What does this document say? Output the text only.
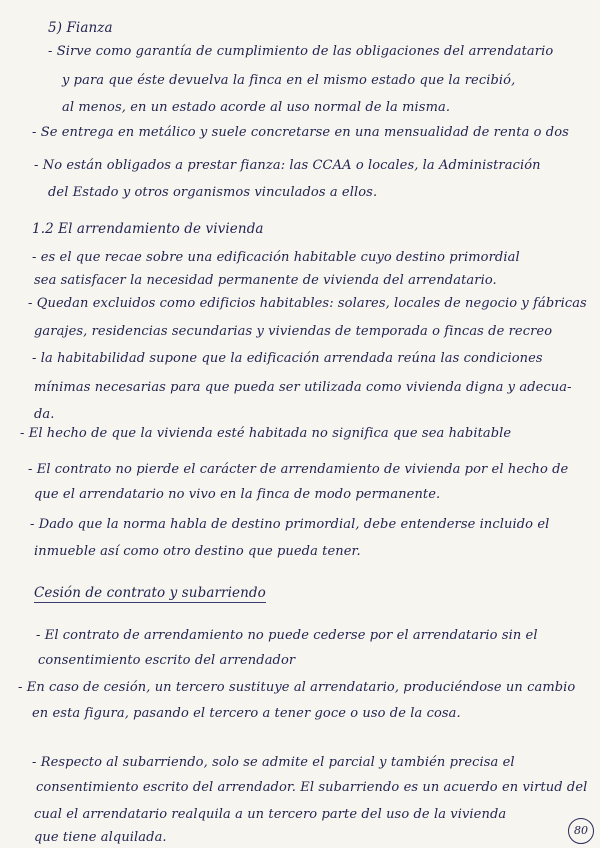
5) Fianza
- Sirve como garantía de cumplimiento de las obligaciones del arrendatario
y para que éste devuelva la finca en el mismo estado que la recibió,
al menos, en un estado acorde al uso normal de la misma.
- Se entrega en metálico y suele concretarse en una mensualidad de renta o dos
- No están obligados a prestar fianza: las CCAA o locales, la Administración
del Estado y otros organismos vinculados a ellos.
1.2 El arrendamiento de vivienda
- es el que recae sobre una edificación habitable cuyo destino primordial
sea satisfacer la necesidad permanente de vivienda del arrendatario.
- Quedan excluidos como edificios habitables: solares, locales de negocio y fábricas
garajes, residencias secundarias y viviendas de temporada o fincas de recreo
- la habitabilidad supone que la edificación arrendada reúna las condiciones
mínimas necesarias para que pueda ser utilizada como vivienda digna y adecua-
da.
- El hecho de que la vivienda esté habitada no significa que sea habitable
- El contrato no pierde el carácter de arrendamiento de vivienda por el hecho de
que el arrendatario no vivo en la finca de modo permanente.
- Dado que la norma habla de destino primordial, debe entenderse incluido el
inmueble así como otro destino que pueda tener.
Cesión de contrato y subarriendo
- El contrato de arrendamiento no puede cederse por el arrendatario sin el
consentimiento escrito del arrendador
- En caso de cesión, un tercero sustituye al arrendatario, produciéndose un cambio
en esta figura, pasando el tercero a tener goce o uso de la cosa.
- Respecto al subarriendo, solo se admite el parcial y también precisa el
consentimiento escrito del arrendador. El subarriendo es un acuerdo en virtud del
cual el arrendatario realquila a un tercero parte del uso de la vivienda
que tiene alquilada.	80
